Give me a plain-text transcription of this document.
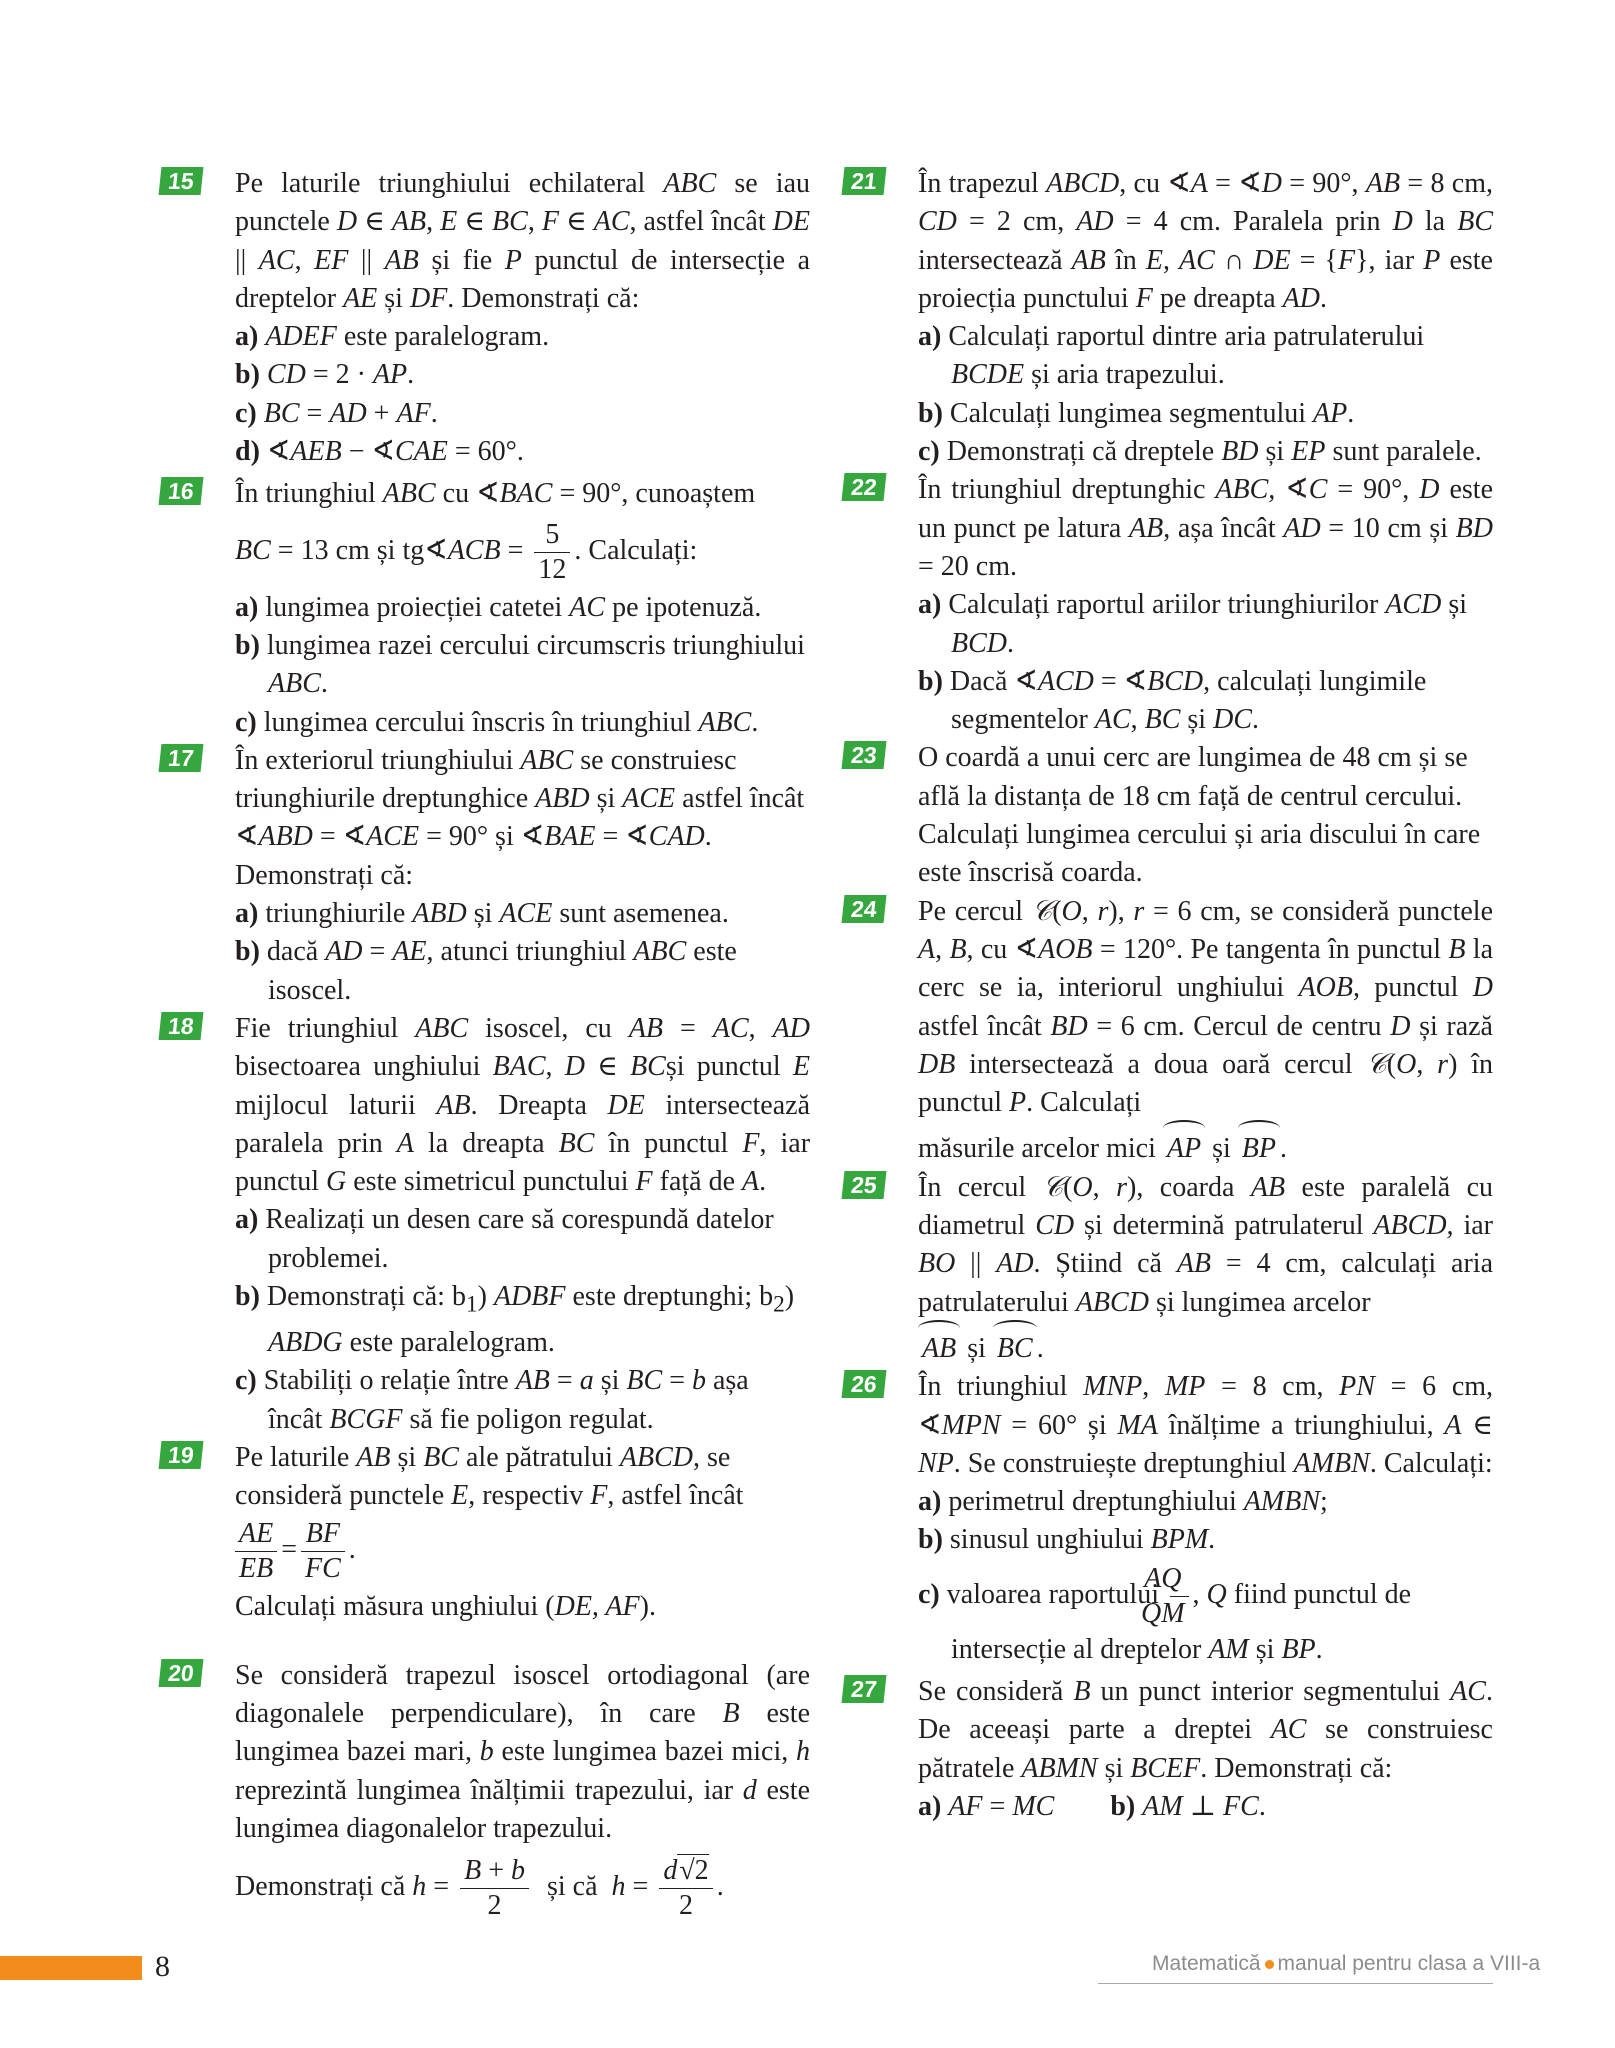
15 Pe laturile triunghiului echilateral ABC se iau punctele D ∈ AB, E ∈ BC, F ∈ AC, astfel încât DE || AC, EF || AB și fie P punctul de intersecție a dreptelor AE și DF. Demonstrați că:
a) ADEF este paralelogram.
b) CD = 2 · AP.
c) BC = AD + AF.
d) ∢AEB − ∢CAE = 60°.
16 În triunghiul ABC cu ∢BAC = 90°, cunoaștem
BC = 13 cm și tg∢ACB = $\frac{5}{12}$ . Calculați:
a) lungimea proiecției catetei AC pe ipotenuză.
b) lungimea razei cercului circumscris triunghiului ABC.
c) lungimea cercului înscris în triunghiul ABC.
17 În exteriorul triunghiului ABC se construiesc triunghiurile dreptunghice ABD și ACE astfel încât ∢ABD = ∢ACE = 90° și ∢BAE = ∢CAD. Demonstrați că:
a) triunghiurile ABD și ACE sunt asemenea.
b) dacă AD = AE, atunci triunghiul ABC este isoscel.
18 Fie triunghiul ABC isoscel, cu AB = AC, AD bisectoarea unghiului BAC, D ∈ BCși punctul E mijlocul laturii AB. Dreapta DE intersectează paralela prin A la dreapta BC în punctul F, iar punctul G este simetricul punctului F față de A.
a) Realizați un desen care să corespundă datelor problemei.
b) Demonstrați că: $b_1$) ADBF este dreptunghi; $b_2$) ABDG este paralelogram.
c) Stabiliți o relație între AB = a și BC = b așa încât BCGF să fie poligon regulat.
19 Pe laturile AB și BC ale pătratului ABCD, se consideră punctele E, respectiv F, astfel încât
$\frac{AE}{EB} = \frac{BF}{FC}$ .
Calculați măsura unghiului (DE, AF).
20 Se consideră trapezul isoscel ortodiagonal (are diagonalele perpendiculare), în care B este lungimea bazei mari, b este lungimea bazei mici, h reprezintă lungimea înălțimii trapezului, iar d este lungimea diagonalelor trapezului.
Demonstrați că $h = \frac{B + b}{2}$ și că  $h = \frac{d√2}{2}$ .
21 În trapezul ABCD, cu ∢A = ∢D = 90°, AB = 8 cm, CD = 2 cm, AD = 4 cm. Paralela prin D la BC intersectează AB în E, AC ∩ DE = {F}, iar P este proiecția punctului F pe dreapta AD.
a) Calculați raportul dintre aria patrulaterului BCDE și aria trapezului.
b) Calculați lungimea segmentului AP.
c) Demonstrați că dreptele BD și EP sunt paralele.
22 În triunghiul dreptunghic ABC, ∢C = 90°, D este un punct pe latura AB, așa încât AD = 10 cm și BD = 20 cm.
a) Calculați raportul ariilor triunghiurilor ACD și BCD.
b) Dacă ∢ACD = ∢BCD, calculați lungimile segmentelor AC, BC și DC.
23 O coardă a unui cerc are lungimea de 48 cm și se află la distanța de 18 cm față de centrul cercului. Calculați lungimea cercului și aria discului în care este înscrisă coarda.
24 Pe cercul 𝒞(O, r), r = 6 cm, se consideră punctele A, B, cu ∢AOB = 120°. Pe tangenta în punctul B la cerc se ia, interiorul unghiului AOB, punctul D astfel încât BD = 6 cm. Cercul de centru D și rază DB intersectează a doua oară cercul 𝒞(O, r) în punctul P. Calculați
măsurile arcelor mici AP și BP .
25 În cercul 𝒞(O, r), coarda AB este paralelă cu diametrul CD și determină patrulaterul ABCD, iar BO || AD. Știind că AB = 4 cm, calculați aria patrulaterului ABCD și lungimea arcelor
AB și BC .
26 În triunghiul MNP, MP = 8 cm, PN = 6 cm, ∢MPN = 60° și MA înălțime a triunghiului, A ∈ NP. Se construiește dreptunghiul AMBN. Calculați:
a) perimetrul dreptunghiului AMBN;
b) sinusul unghiului BPM.
c) valoarea raportului $\frac{AQ}{QM}$ , Q fiind punctul de intersecție al dreptelor AM și BP.
27 Se consideră B un punct interior segmentului AC. De aceeași parte a dreptei AC se construiesc pătratele ABMN și BCEF. Demonstrați că:
a) AF = MC b) AM ⊥ FC.
8	Matematică manual pentru clasa a VIII-a
